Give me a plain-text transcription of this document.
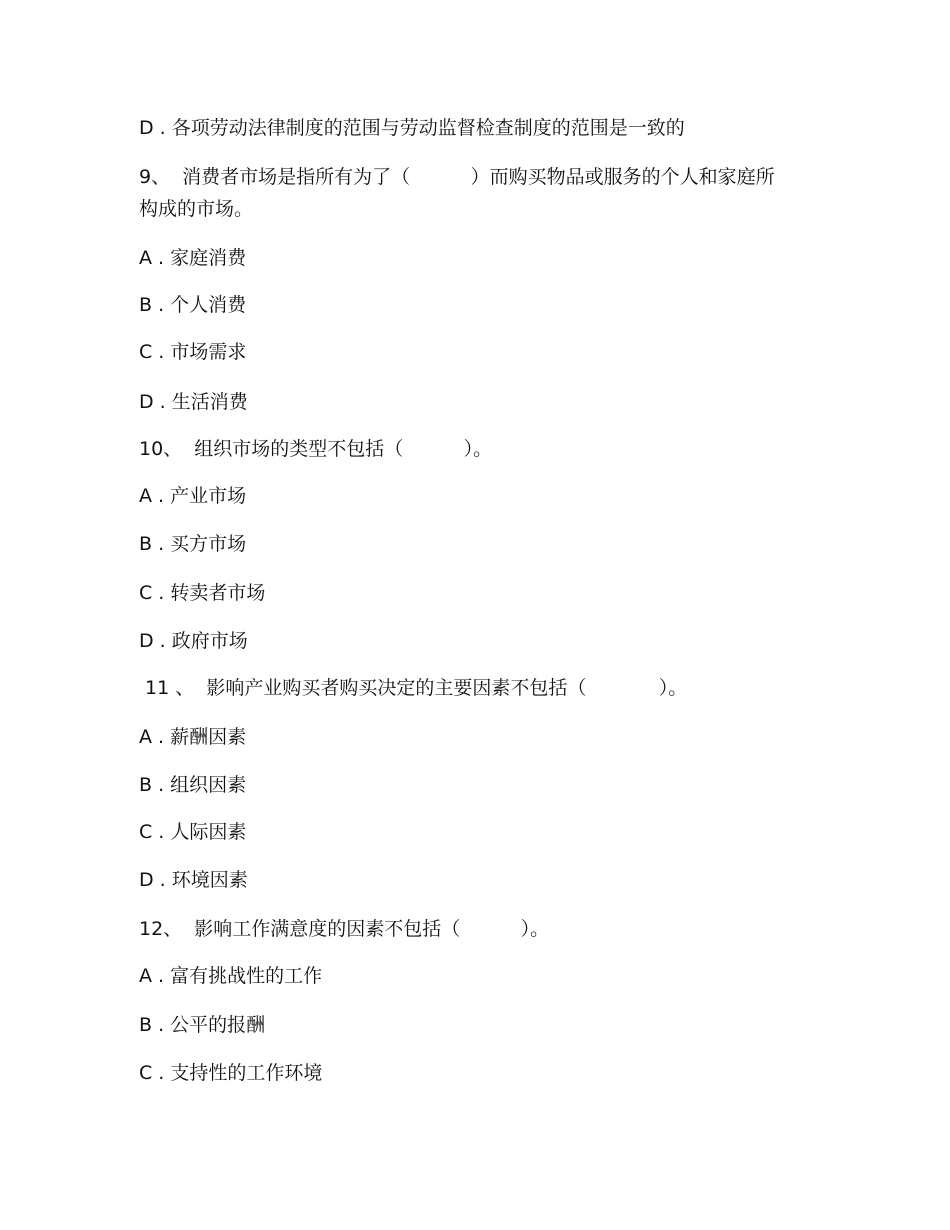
D . 各项劳动法律制度的范围与劳动监督检查制度的范围是一致的
9、  消费者市场是指所有为了（          ）而购买物品或服务的个人和家庭所构成的市场。
A . 家庭消费
B . 个人消费
C . 市场需求
D . 生活消费
10、  组织市场的类型不包括（          ）。
A . 产业市场
B . 买方市场
C . 转卖者市场
D . 政府市场
11 、  影响产业购买者购买决定的主要因素不包括（            ）。
A . 薪酬因素
B . 组织因素
C . 人际因素
D . 环境因素
12、  影响工作满意度的因素不包括（          ）。
A . 富有挑战性的工作
B . 公平的报酬
C . 支持性的工作环境
